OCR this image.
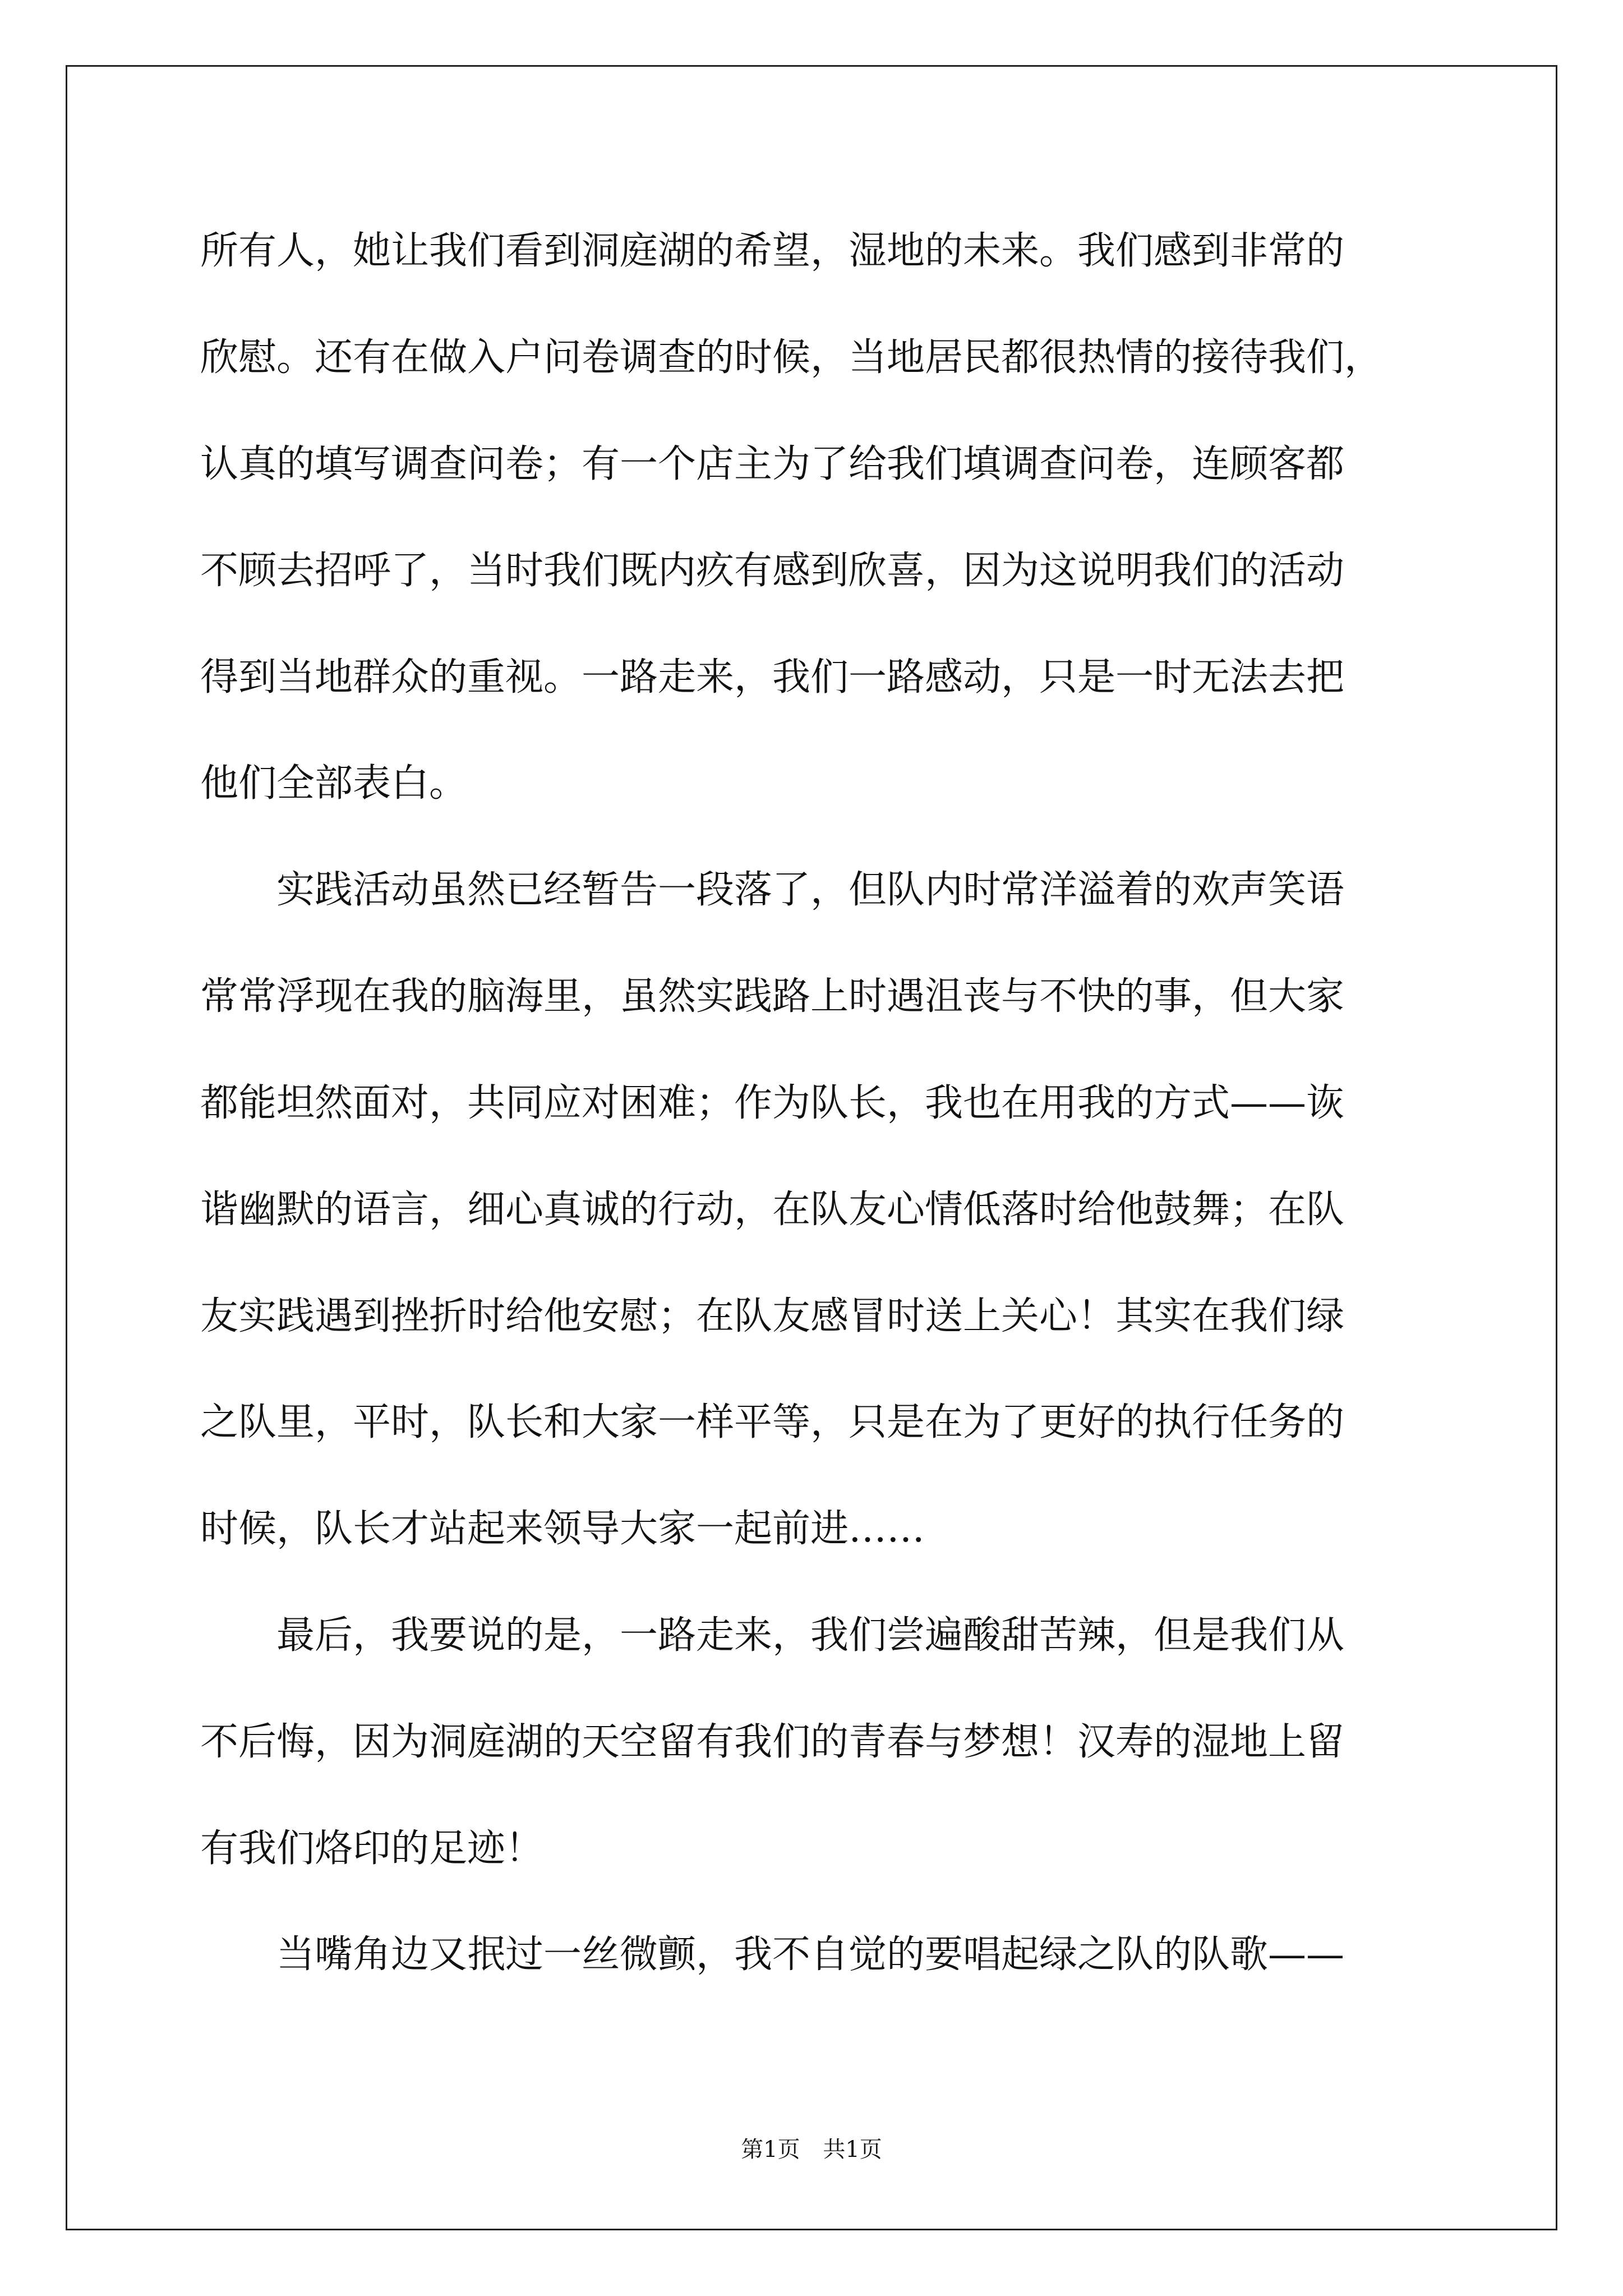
所有人，她让我们看到洞庭湖的希望，湿地的未来。我们感到非常的
欣慰。还有在做入户问卷调查的时候，当地居民都很热情的接待我们，
认真的填写调查问卷；有一个店主为了给我们填调查问卷，连顾客都
不顾去招呼了，当时我们既内疚有感到欣喜，因为这说明我们的活动
得到当地群众的重视。一路走来，我们一路感动，只是一时无法去把
他们全部表白。
　　实践活动虽然已经暂告一段落了，但队内时常洋溢着的欢声笑语
常常浮现在我的脑海里，虽然实践路上时遇沮丧与不快的事，但大家
都能坦然面对，共同应对困难；作为队长，我也在用我的方式——诙
谐幽默的语言，细心真诚的行动，在队友心情低落时给他鼓舞；在队
友实践遇到挫折时给他安慰；在队友感冒时送上关心！其实在我们绿
之队里，平时，队长和大家一样平等，只是在为了更好的执行任务的
时候，队长才站起来领导大家一起前进……
　　最后，我要说的是，一路走来，我们尝遍酸甜苦辣，但是我们从
不后悔，因为洞庭湖的天空留有我们的青春与梦想！汉寿的湿地上留
有我们烙印的足迹！
　　当嘴角边又抿过一丝微颤，我不自觉的要唱起绿之队的队歌——
第1页 共1页
